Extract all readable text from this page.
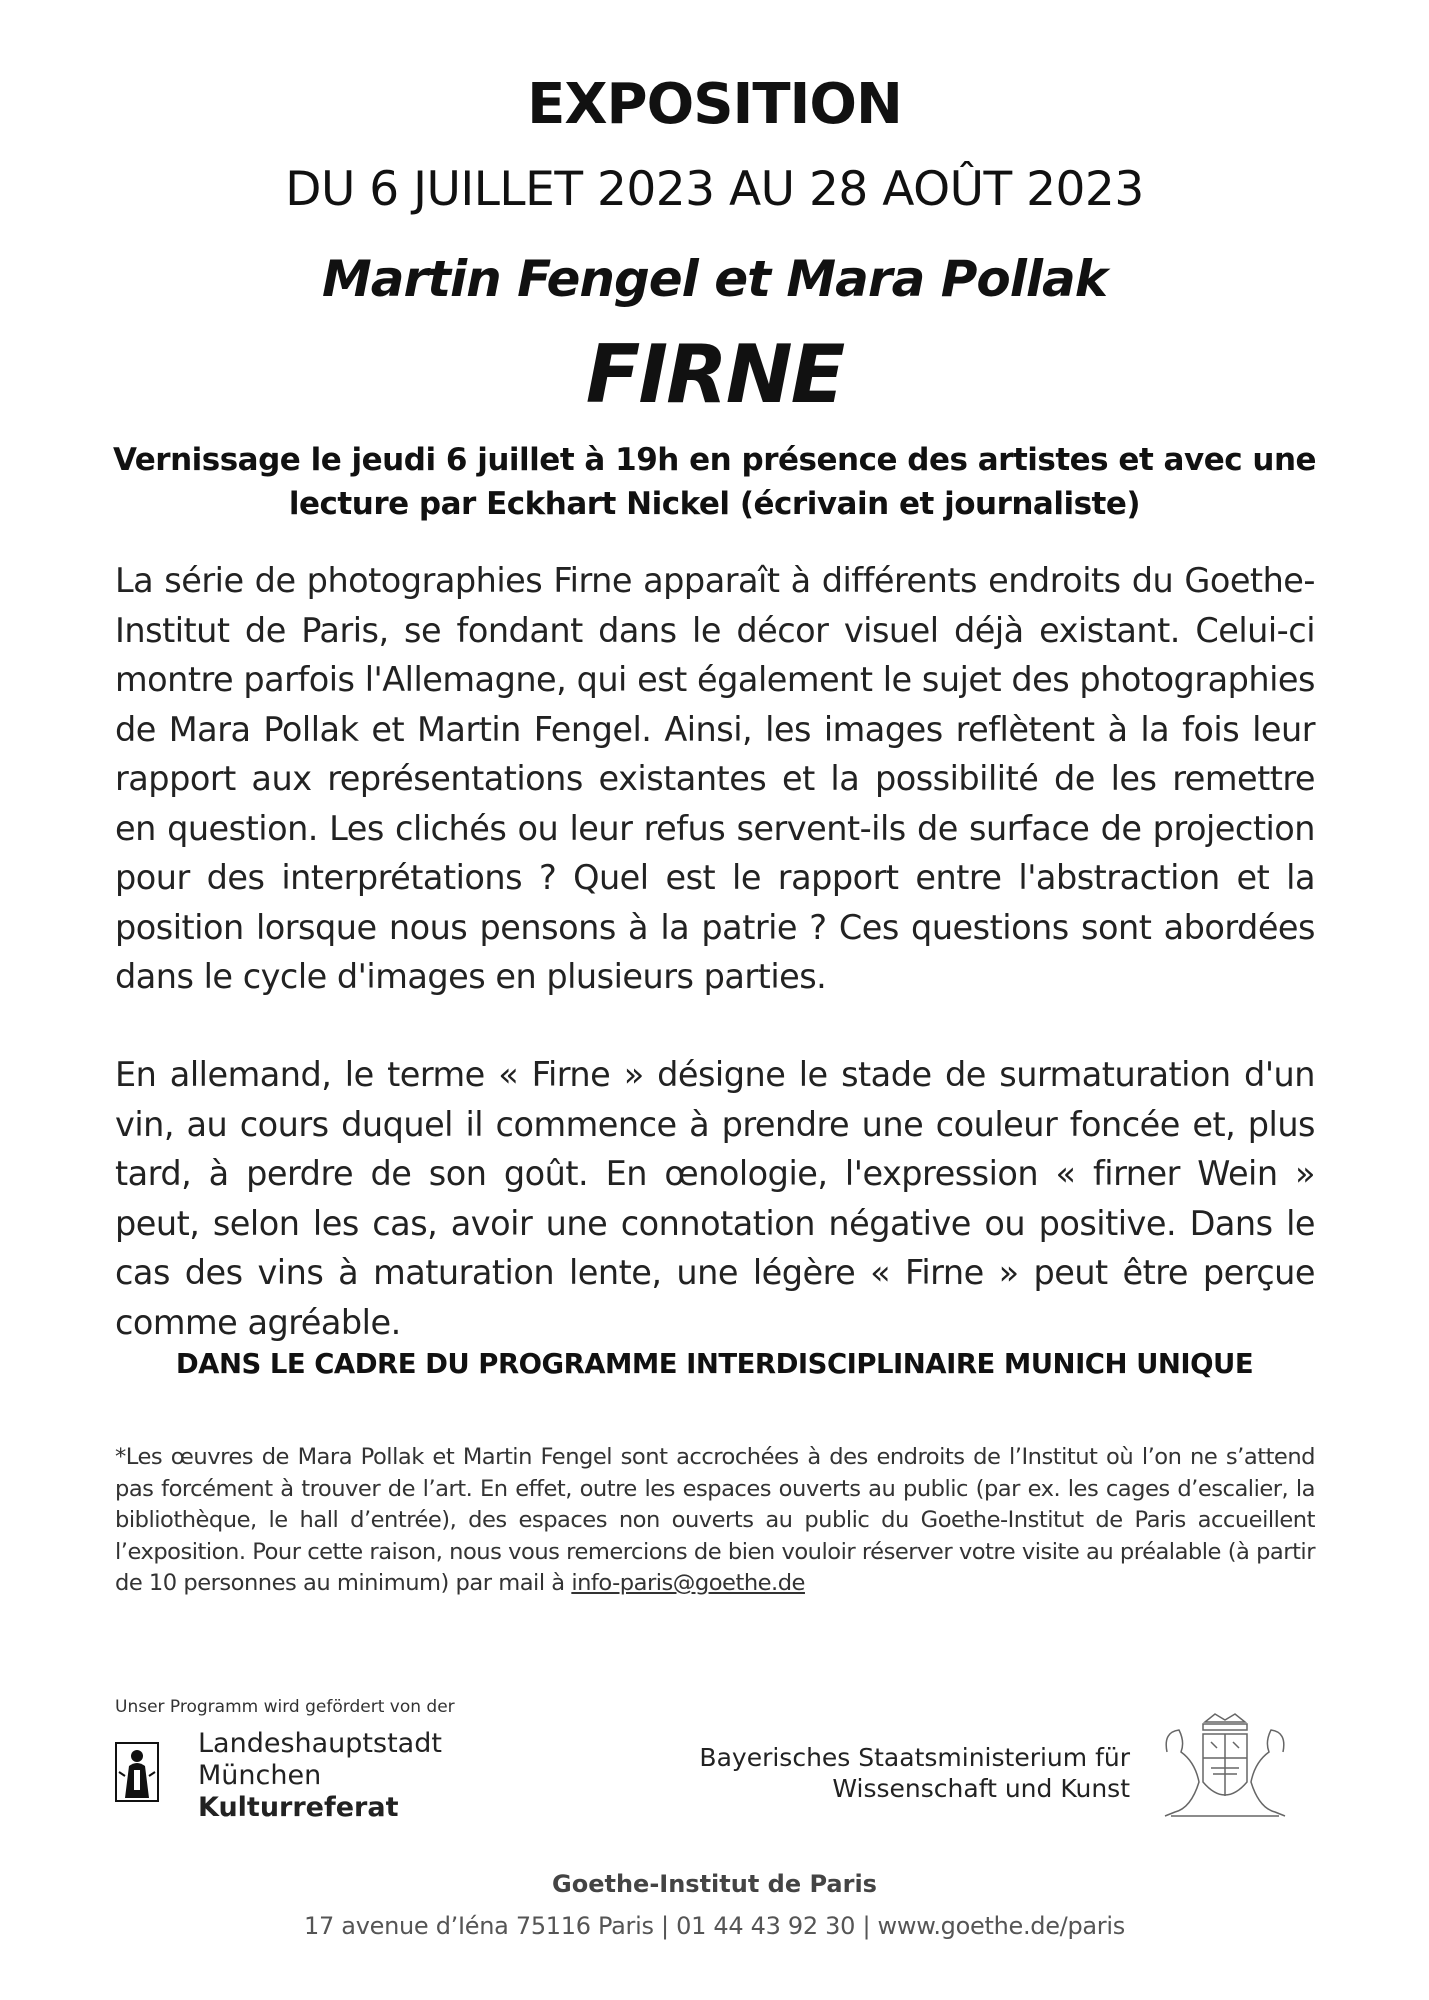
EXPOSITION
DU 6 JUILLET 2023 AU 28 AOÛT 2023
Martin Fengel et Mara Pollak
FIRNE
Vernissage le jeudi 6 juillet à 19h en présence des artistes et avec une
lecture par Eckhart Nickel (écrivain et journaliste)
La série de photographies Firne apparaît à différents endroits du Goethe-Institut de Paris, se fondant dans le décor visuel déjà existant. Celui-ci montre parfois l'Allemagne, qui est également le sujet des photographies de Mara Pollak et Martin Fengel. Ainsi, les images reflètent à la fois leur rapport aux représentations existantes et la possibilité de les remettre en question. Les clichés ou leur refus servent-ils de surface de projection pour des interprétations ? Quel est le rapport entre l'abstraction et la position lorsque nous pensons à la patrie ? Ces questions sont abordées dans le cycle d'images en plusieurs parties.
En allemand, le terme « Firne » désigne le stade de surmaturation d'un vin, au cours duquel il commence à prendre une couleur foncée et, plus tard, à perdre de son goût. En œnologie, l'expression « firner Wein » peut, selon les cas, avoir une connotation négative ou positive. Dans le cas des vins à maturation lente, une légère « Firne » peut être perçue comme agréable.
DANS LE CADRE DU PROGRAMME INTERDISCIPLINAIRE MUNICH UNIQUE
*Les œuvres de Mara Pollak et Martin Fengel sont accrochées à des endroits de l’Institut où l’on ne s’attend pas forcément à trouver de l’art. En effet, outre les espaces ouverts au public (par ex. les cages d’escalier, la bibliothèque, le hall d’entrée), des espaces non ouverts au public du Goethe-Institut de Paris accueillent l’exposition. Pour cette raison, nous vous remercions de bien vouloir réserver votre visite au préalable (à partir de 10 personnes au minimum) par mail à info-paris@goethe.de
Unser Programm wird gefördert von der
Landeshauptstadt
München
Kulturreferat
Bayerisches Staatsministerium für
Wissenschaft und Kunst
Goethe-Institut de Paris
17 avenue d’Iéna 75116 Paris | 01 44 43 92 30 | www.goethe.de/paris
